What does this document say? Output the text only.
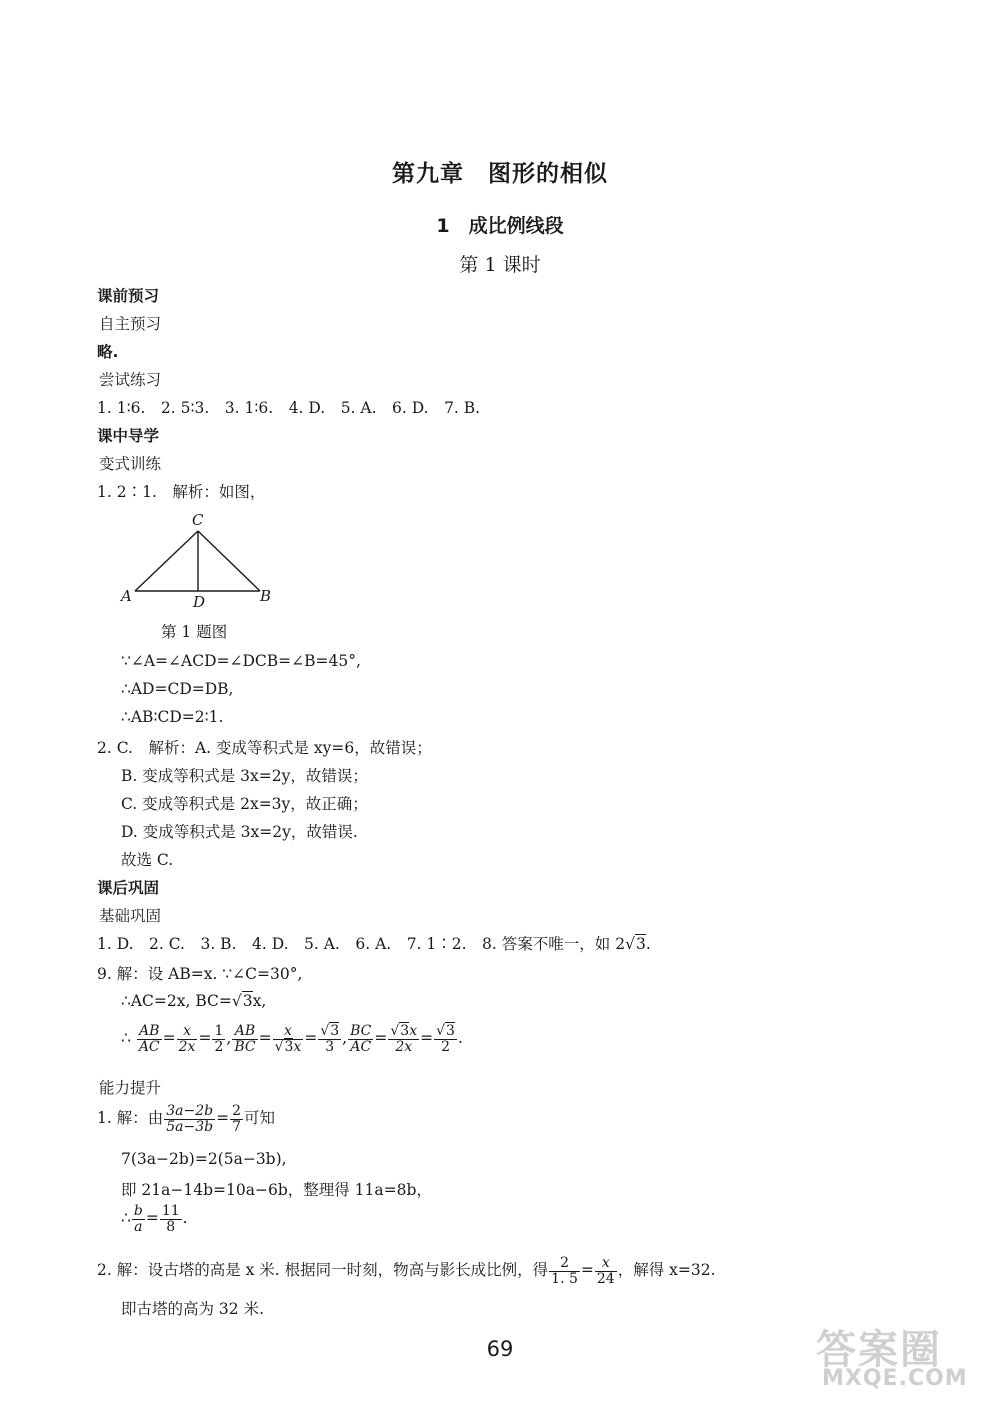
第九章　图形的相似
1　成比例线段
第 1 课时
课前预习
自主预习
略.
尝试练习
1. 1∶6.　2. 5∶3.　3. 1∶6.　4. D.　5. A.　6. D.　7. B.
课中导学
变式训练
1. 2∶1.　解析：如图，
C
A	D	B
第 1 题图
∵∠A=∠ACD=∠DCB=∠B=45°,
∴AD=CD=DB,
∴AB∶CD=2∶1.
2. C.　解析：A. 变成等积式是 xy=6，故错误；
B. 变成等积式是 3x=2y，故错误；
C. 变成等积式是 2x=3y，故正确；
D. 变成等积式是 3x=2y，故错误.
故选 C.
课后巩固
基础巩固
1. D.　2. C.　3. B.　4. D.　5. A.　6. A.　7. 1∶2.　8. 答案不唯一，如 2√3.
9. 解：设 AB=x. ∵∠C=30°,
∴AC=2x, BC=√3x,
∴ $\frac{AB}{AC} = \frac{x}{2x} = \frac{1}{2}$ , $\frac{AB}{BC} = \frac{x}{√3x} = \frac{√3}{3}$ , $\frac{BC}{AC} = \frac{√3x}{2x} = \frac{√3}{2}$ .
能力提升
1. 解：由 $\frac{3a-2b}{5a-3b} = \frac{2}{7}$ 可知
7(3a−2b)=2(5a−3b),
即 21a−14b=10a−6b，整理得 11a=8b，
∴ $\frac{b}{a} = \frac{11}{8}$ .
2. 解：设古塔的高是 x 米. 根据同一时刻，物高与影长成比例，得 $\frac{2}{1. 5} = \frac{x}{24}$ ，解得 x=32.
即古塔的高为 32 米.
69	答案圈
MXQE.COM
